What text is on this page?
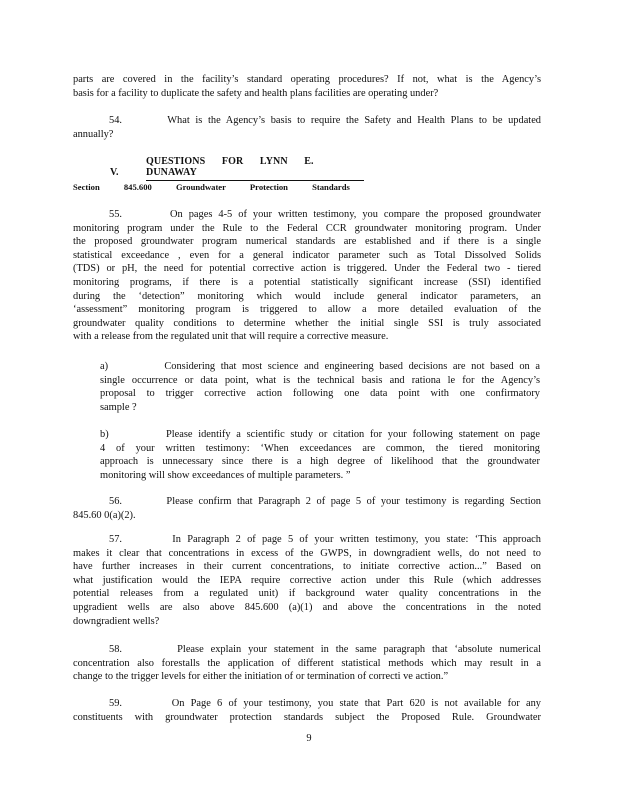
parts are covered in the facility’s standard operating procedures? If not, what is the Agency’s
basis for a facility to duplicate the safety and health plans facilities are operating under?
54.        What is the Agency’s basis to require the Safety and Health Plans to be updated
annually?
V.QUESTIONS FOR LYNN E. DUNAWAY
Section 845.600 Groundwater Protection Standards
55.        On pages 4-5 of your written testimony, you compare the proposed groundwater
monitoring program under the Rule to the Federal CCR groundwater monitoring program. Under
the proposed groundwater program numerical standards are established and if there is a single
statistical exceedance , even for a general indicator parameter such as Total Dissolved Solids
(TDS) or pH, the need for potential corrective action is triggered. Under the Federal two - tiered
monitoring programs, if there is a potential statistically significant increase (SSI) identified
during the ‘detection” monitoring which would include general indicator parameters, an
‘assessment” monitoring program is triggered to allow a more detailed evaluation of the
groundwater quality conditions to determine whether the initial single SSI is truly associated
with a release from the regulated unit that will require a corrective measure.
a)          Considering that most science and engineering based decisions are not based on a
single occurrence or data point, what is the technical basis and rationa le for the Agency’s
proposal to trigger corrective action following one data point with one confirmatory
sample ?
b)          Please identify a scientific study or citation for your following statement on page
4 of your written testimony: ‘When exceedances are common, the tiered monitoring
approach is unnecessary since there is a high degree of likelihood that the groundwater
monitoring will show exceedances of multiple parameters. ”
56.        Please confirm that Paragraph 2 of page 5 of your testimony is regarding Section
845.60 0(a)(2).
57.        In Paragraph 2 of page 5 of your written testimony, you state: ‘This approach
makes it clear that concentrations in excess of the GWPS, in downgradient wells, do not need to
have further increases in their current concentrations, to initiate corrective action...” Based on
what justification would the IEPA require corrective action under this Rule (which addresses
potential releases from a regulated unit) if background water quality concentrations in the
upgradient wells are also above 845.600 (a)(1) and above the concentrations in the noted
downgradient wells?
58.        Please explain your statement in the same paragraph that ‘absolute numerical
concentration also forestalls the application of different statistical methods which may result in a
change to the trigger levels for either the initiation of or termination of correcti ve action.”
59.        On Page 6 of your testimony, you state that Part 620 is not available for any
constituents with groundwater protection standards subject the Proposed Rule. Groundwater
9
